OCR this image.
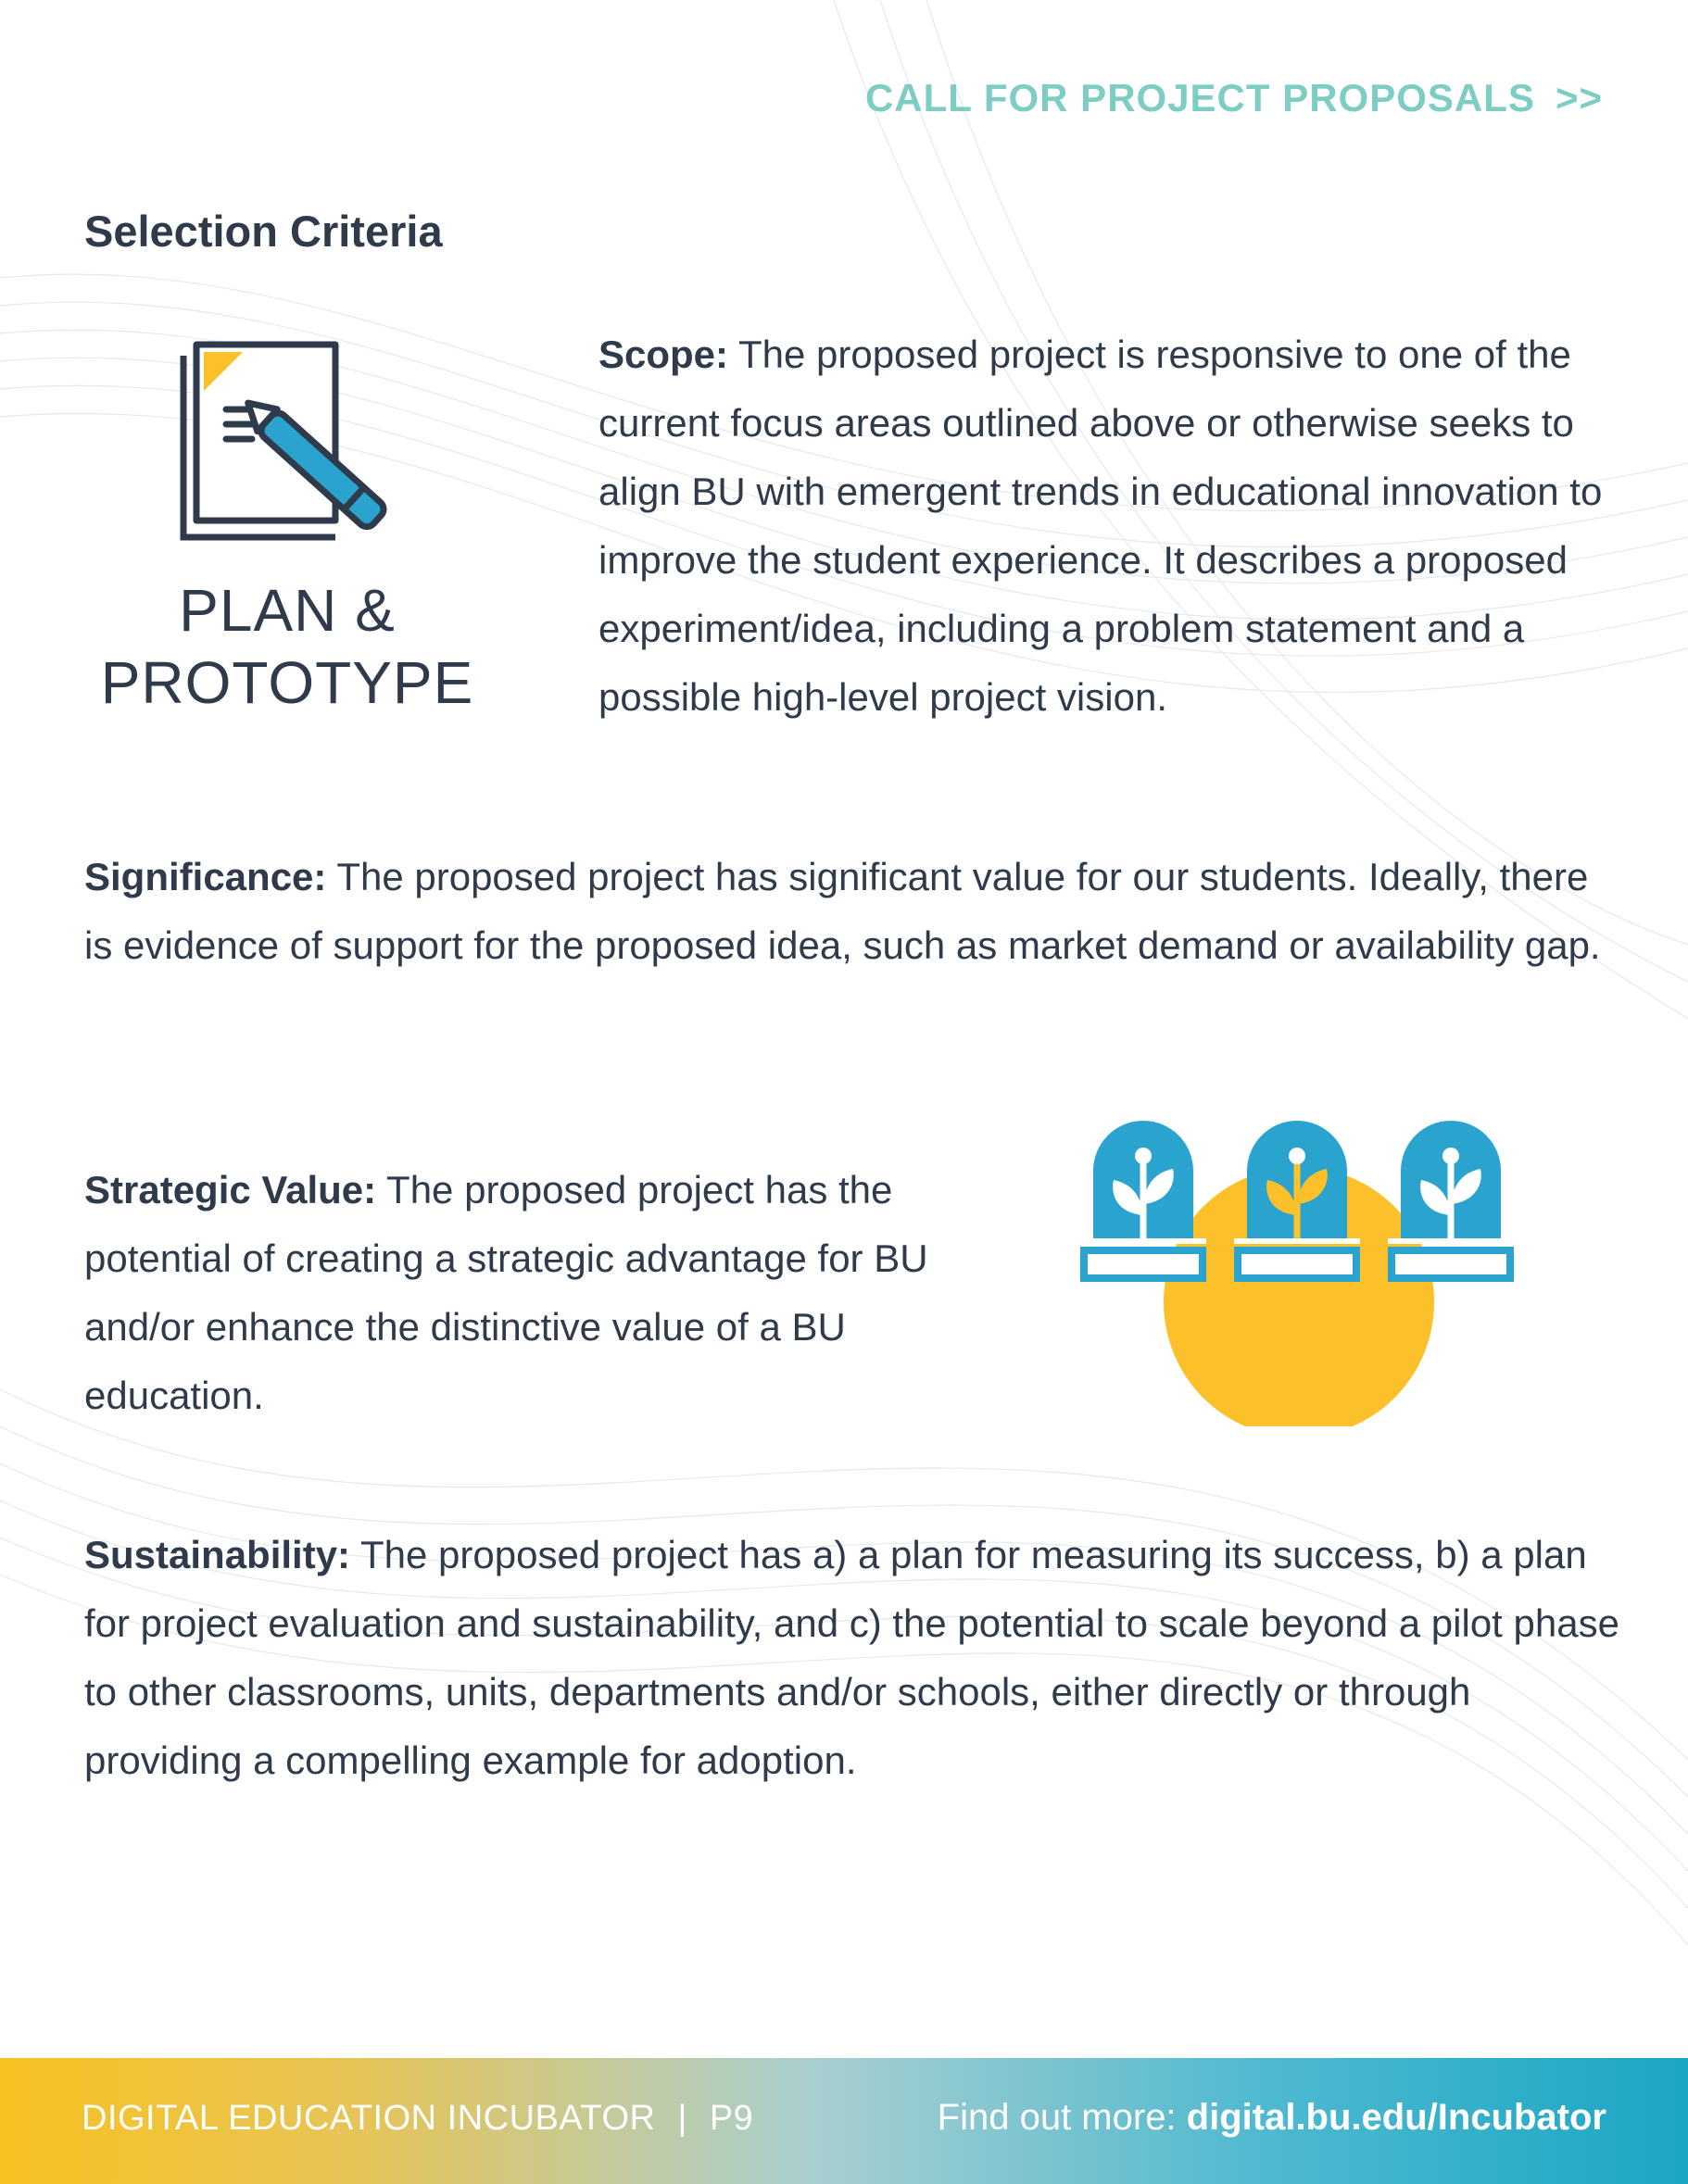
CALL FOR PROJECT PROPOSALS >>
Selection Criteria
PLAN &
PROTOTYPE
Scope: The proposed project is responsive to one of the current focus areas outlined above or otherwise seeks to align BU with emergent trends in educational innovation to improve the student experience. It describes a proposed experiment/idea, including a problem statement and a possible high-level project vision.
Significance: The proposed project has significant value for our students. Ideally, there is evidence of support for the proposed idea, such as market demand or availability gap.
Strategic Value: The proposed project has the potential of creating a strategic advantage for BU and/or enhance the distinctive value of a BU education.
Sustainability: The proposed project has a) a plan for measuring its success, b) a plan for project evaluation and sustainability, and c) the potential to scale beyond a pilot phase to other classrooms, units, departments and/or schools, either directly or through providing a compelling example for adoption.
DIGITAL EDUCATION INCUBATOR | P9	Find out more: digital.bu.edu/Incubator
